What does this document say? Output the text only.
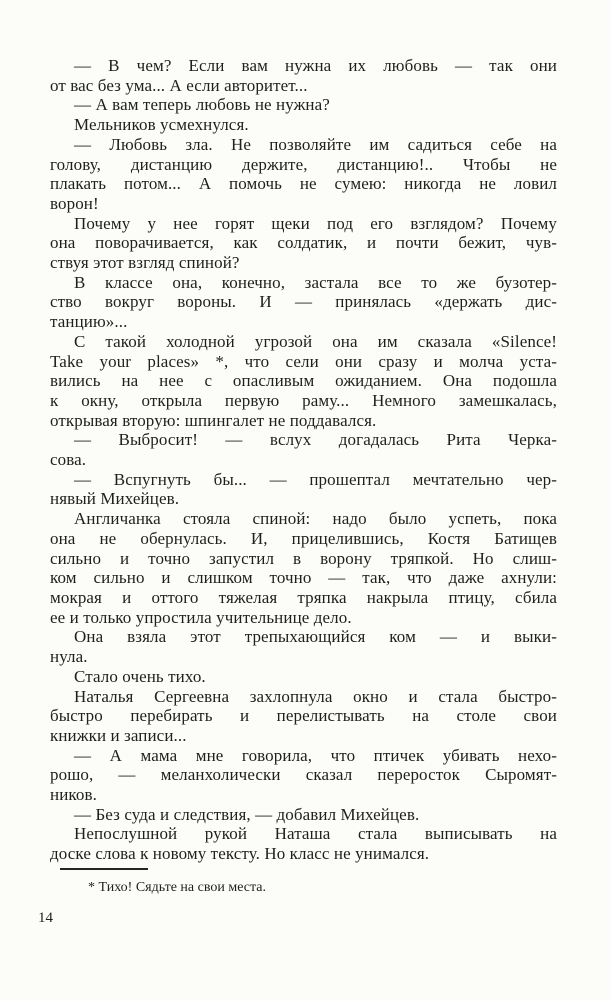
— В чем? Если вам нужна их любовь — так они
от вас без ума... А если авторитет...
— А вам теперь любовь не нужна?
Мельников усмехнулся.
— Любовь зла. Не позволяйте им садиться себе на
голову, дистанцию держите, дистанцию!.. Чтобы не
плакать потом... А помочь не сумею: никогда не ловил
ворон!
Почему у нее горят щеки под его взглядом? Почему
она поворачивается, как солдатик, и почти бежит, чув-
ствуя этот взгляд спиной?
В классе она, конечно, застала все то же бузотер-
ство вокруг вороны. И — принялась «держать дис-
танцию»...
С такой холодной угрозой она им сказала «Silence!
Take your places» *, что сели они сразу и молча уста-
вились на нее с опасливым ожиданием. Она подошла
к окну, открыла первую раму... Немного замешкалась,
открывая вторую: шпингалет не поддавался.
— Выбросит! — вслух догадалась Рита Черка-
сова.
— Вспугнуть бы... — прошептал мечтательно чер-
нявый Михейцев.
Англичанка стояла спиной: надо было успеть, пока
она не обернулась. И, прицелившись, Костя Батищев
сильно и точно запустил в ворону тряпкой. Но слиш-
ком сильно и слишком точно — так, что даже ахнули:
мокрая и оттого тяжелая тряпка накрыла птицу, сбила
ее и только упростила учительнице дело.
Она взяла этот трепыхающийся ком — и выки-
нула.
Стало очень тихо.
Наталья Сергеевна захлопнула окно и стала быстро-
быстро перебирать и перелистывать на столе свои
книжки и записи...
— А мама мне говорила, что птичек убивать нехо-
рошо, — меланхолически сказал переросток Сыромят-
ников.
— Без суда и следствия, — добавил Михейцев.
Непослушной рукой Наташа стала выписывать на
доске слова к новому тексту. Но класс не унимался.
* Тихо! Сядьте на свои места.
14
